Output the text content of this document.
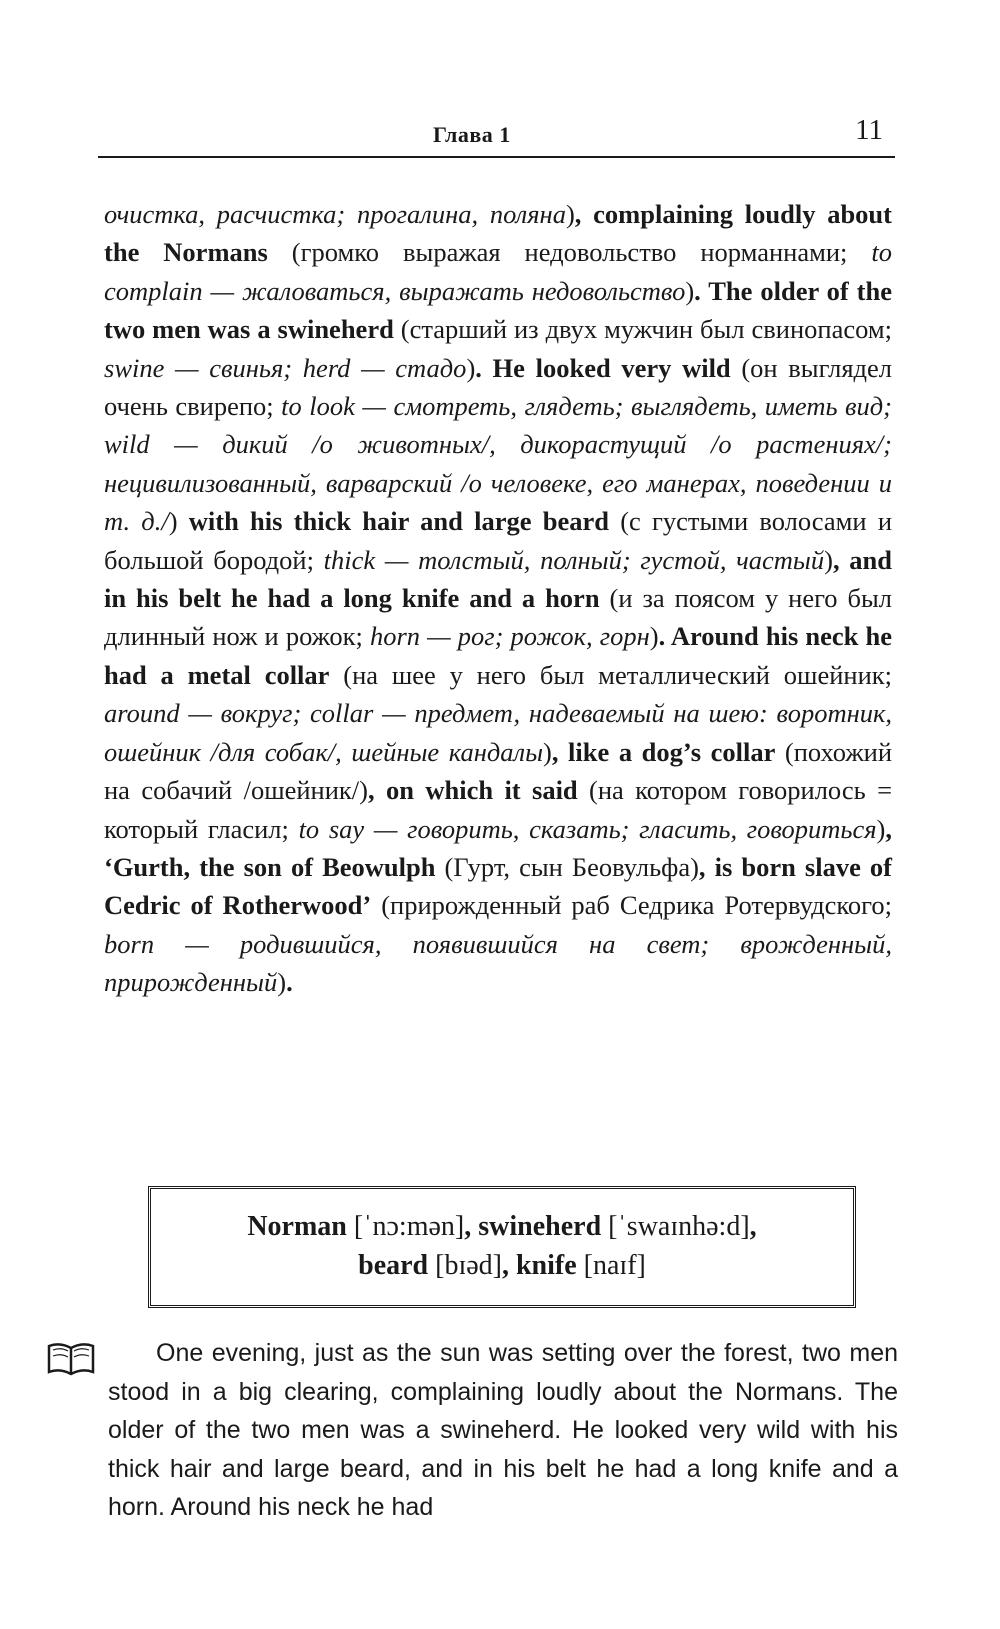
Глава 1	11

очистка, расчистка; прогалина, поляна), complaining loudly about the Normans (громко выражая недовольство норманнами; to complain — жаловаться, выражать недовольство). The older of the two men was a swineherd (старший из двух мужчин был свинопасом; swine — свинья; herd — стадо). He looked very wild (он выглядел очень свирепо; to look — смотреть, глядеть; выглядеть, иметь вид; wild — дикий /о животных/, дикорастущий /о растениях/; нецивилизованный, варварский /о человеке, его манерах, поведении и т. д./) with his thick hair and large beard (с густыми волосами и большой бородой; thick — толстый, полный; густой, частый), and in his belt he had a long knife and a horn (и за поясом у него был длинный нож и рожок; horn — рог; рожок, горн). Around his neck he had a metal collar (на шее у него был металлический ошейник; around — вокруг; collar — предмет, надеваемый на шею: воротник, ошейник /для собак/, шейные кандалы), like a dog’s collar (похожий на собачий /ошейник/), on which it said (на котором говорилось = который гласил; to say — говорить, сказать; гласить, говориться), ‘Gurth, the son of Beowulph (Гурт, сын Беовульфа), is born slave of Cedric of Rotherwood’ (прирожденный раб Седрика Ротервудского; born — родившийся, появившийся на свет; врожденный, прирожденный).

Norman [ˈnɔ:mən], swineherd [ˈswaɪnhə:d],
beard [bɪəd], knife [naɪf]

One evening, just as the sun was setting over the forest, two men stood in a big clearing, complaining loudly about the Normans. The older of the two men was a swineherd. He looked very wild with his thick hair and large beard, and in his belt he had a long knife and a horn. Around his neck he had
